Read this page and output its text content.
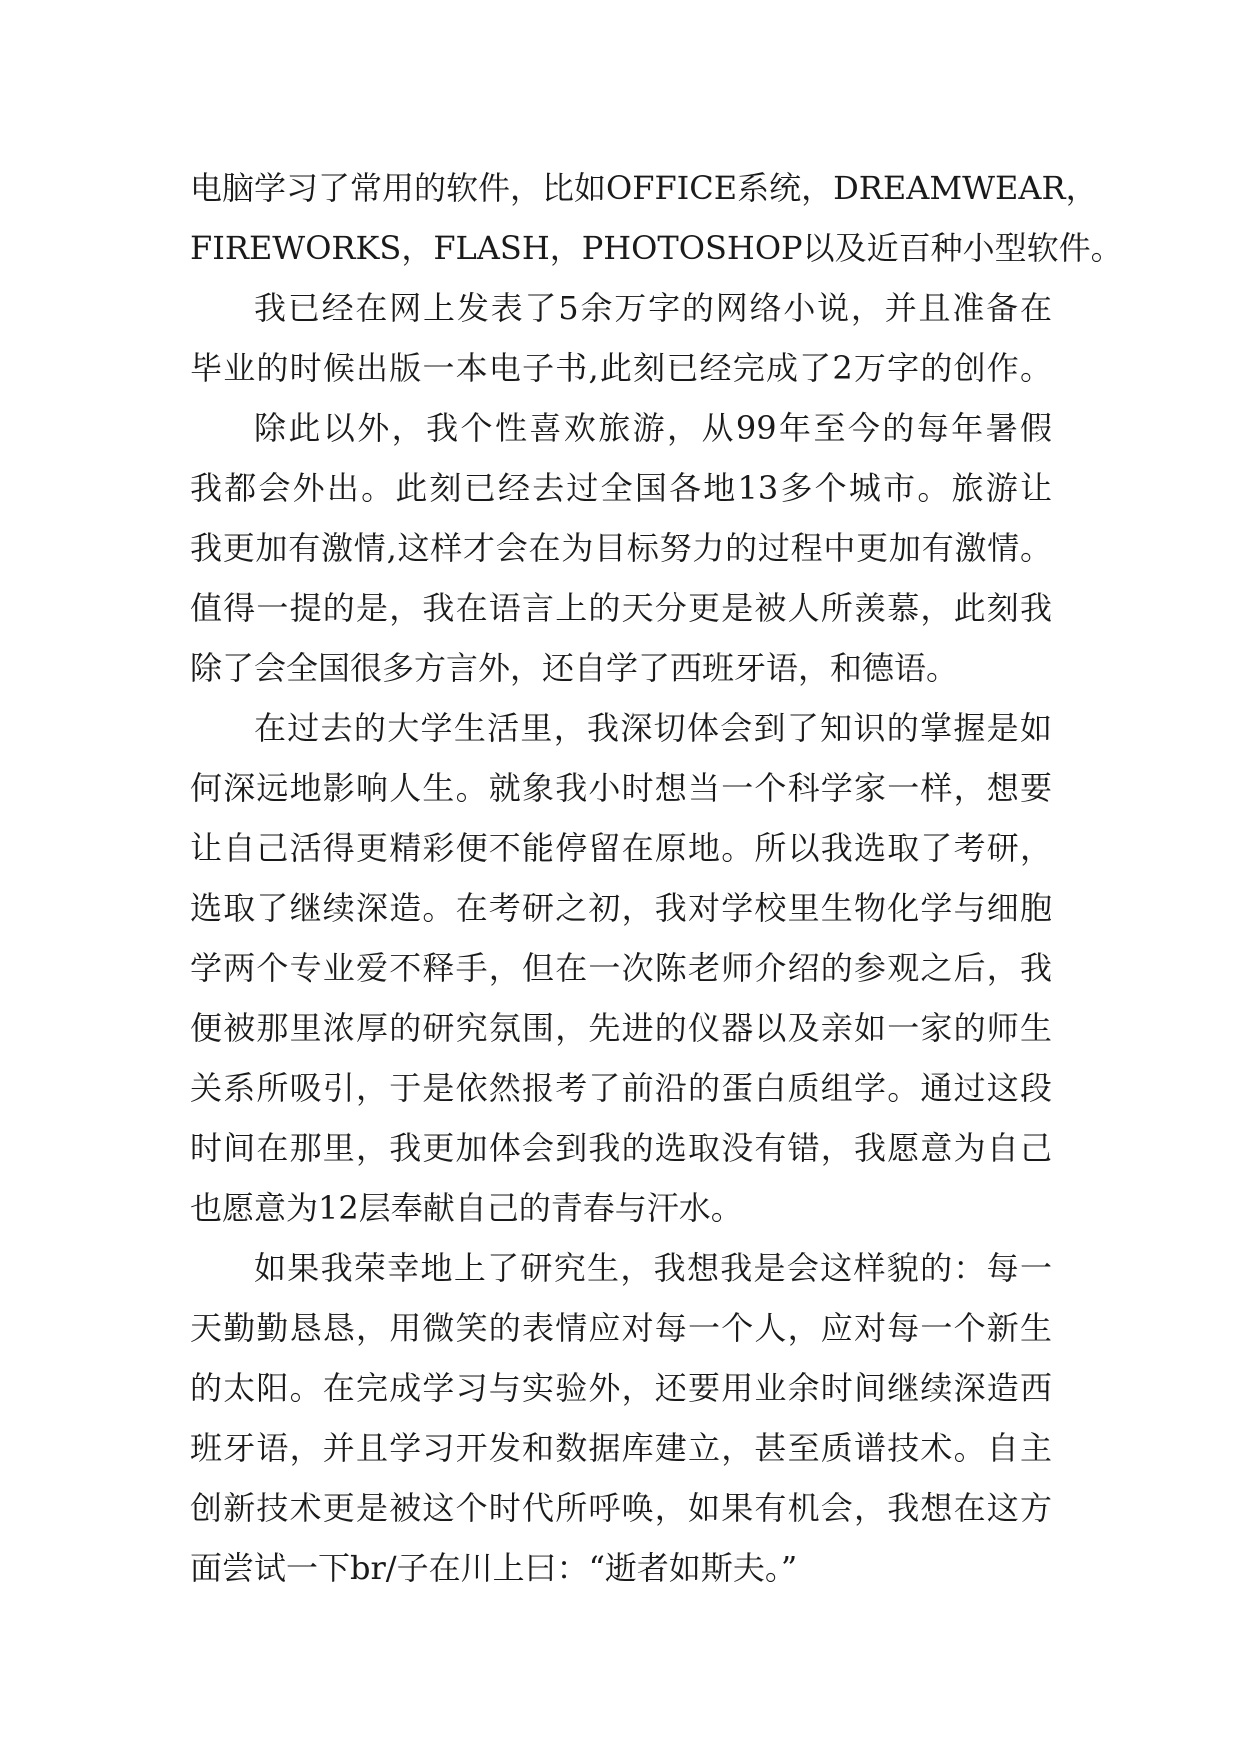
电脑学习了常用的软件，比如OFFICE系统，DREAMWEAR，
FIREWORKS，FLASH，PHOTOSHOP以及近百种小型软件。
我已经在网上发表了5余万字的网络小说，并且准备在
毕业的时候出版一本电子书,此刻已经完成了2万字的创作。
除此以外，我个性喜欢旅游，从99年至今的每年暑假
我都会外出。此刻已经去过全国各地13多个城市。旅游让
我更加有激情,这样才会在为目标努力的过程中更加有激情。
值得一提的是，我在语言上的天分更是被人所羡慕，此刻我
除了会全国很多方言外，还自学了西班牙语，和德语。
在过去的大学生活里，我深切体会到了知识的掌握是如
何深远地影响人生。就象我小时想当一个科学家一样，想要
让自己活得更精彩便不能停留在原地。所以我选取了考研，
选取了继续深造。在考研之初，我对学校里生物化学与细胞
学两个专业爱不释手，但在一次陈老师介绍的参观之后，我
便被那里浓厚的研究氛围，先进的仪器以及亲如一家的师生
关系所吸引，于是依然报考了前沿的蛋白质组学。通过这段
时间在那里，我更加体会到我的选取没有错，我愿意为自己
也愿意为12层奉献自己的青春与汗水。
如果我荣幸地上了研究生，我想我是会这样貌的：每一
天勤勤恳恳，用微笑的表情应对每一个人，应对每一个新生
的太阳。在完成学习与实验外，还要用业余时间继续深造西
班牙语，并且学习开发和数据库建立，甚至质谱技术。自主
创新技术更是被这个时代所呼唤，如果有机会，我想在这方
面尝试一下br/子在川上曰：“逝者如斯夫。”
